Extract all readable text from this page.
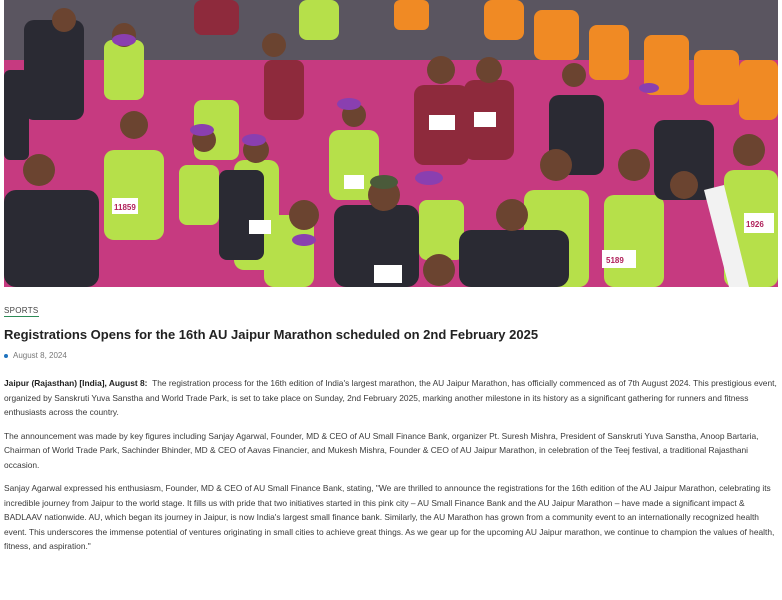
11859
1926
5189
SPORTS
Registrations Opens for the 16th AU Jaipur Marathon scheduled on 2nd February 2025
August 8, 2024

Jaipur (Rajasthan) [India], August 8:  The registration process for the 16th edition of India's largest marathon, the AU Jaipur Marathon, has officially commenced as of 7th August 2024. This prestigious event, organized by Sanskruti Yuva Sanstha and World Trade Park, is set to take place on Sunday, 2nd February 2025, marking another milestone in its history as a significant gathering for runners and fitness enthusiasts across the country.

The announcement was made by key figures including Sanjay Agarwal, Founder, MD & CEO of AU Small Finance Bank, organizer Pt. Suresh Mishra, President of Sanskruti Yuva Sanstha, Anoop Bartaria, Chairman of World Trade Park, Sachinder Bhinder, MD & CEO of Aavas Financier, and Mukesh Mishra, Founder & CEO of AU Jaipur Marathon, in celebration of the Teej festival, a traditional Rajasthani occasion.

Sanjay Agarwal expressed his enthusiasm, Founder, MD & CEO of AU Small Finance Bank, stating, "We are thrilled to announce the registrations for the 16th edition of the AU Jaipur Marathon, celebrating its incredible journey from Jaipur to the world stage. It fills us with pride that two initiatives started in this pink city – AU Small Finance Bank and the AU Jaipur Marathon – have made a significant impact & BADLAAV nationwide. AU, which began its journey in Jaipur, is now India's largest small finance bank. Similarly, the AU Marathon has grown from a community event to an internationally recognized health event. This underscores the immense potential of ventures originating in small cities to achieve great things. As we gear up for the upcoming AU Jaipur marathon, we continue to champion the values of health, fitness, and aspiration."
